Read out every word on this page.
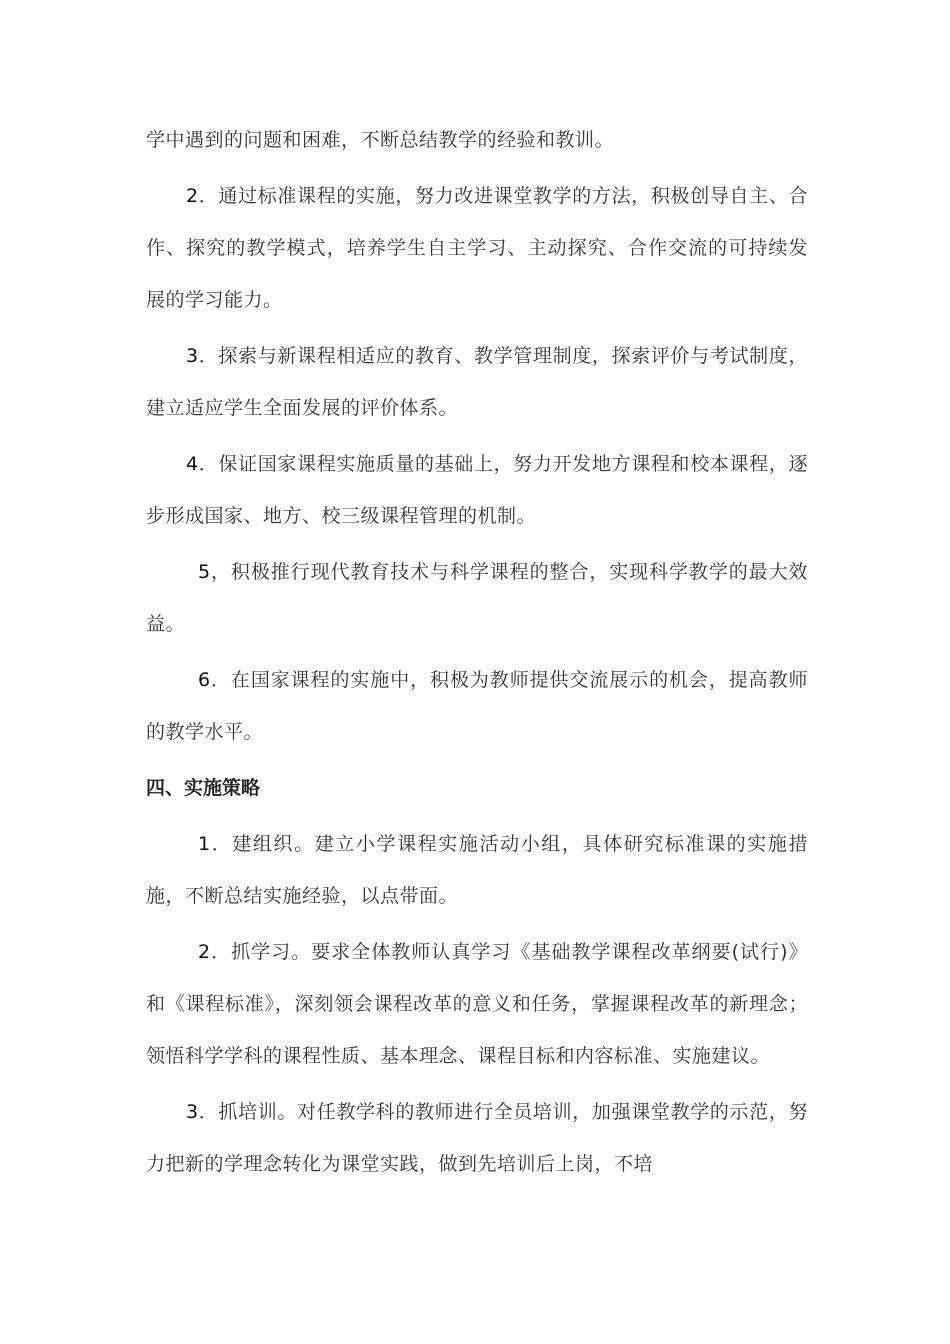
学中遇到的问题和困难，不断总结教学的经验和教训。

2．通过标准课程的实施，努力改进课堂教学的方法，积极创导自主、合作、探究的教学模式，培养学生自主学习、主动探究、合作交流的可持续发展的学习能力。

3．探索与新课程相适应的教育、教学管理制度，探索评价与考试制度，建立适应学生全面发展的评价体系。

4．保证国家课程实施质量的基础上，努力开发地方课程和校本课程，逐步形成国家、地方、校三级课程管理的机制。

5，积极推行现代教育技术与科学课程的整合，实现科学教学的最大效益。

6．在国家课程的实施中，积极为教师提供交流展示的机会，提高教师的教学水平。

四、实施策略

1．建组织。建立小学课程实施活动小组，具体研究标准课的实施措施，不断总结实施经验，以点带面。

2．抓学习。要求全体教师认真学习《基础教学课程改革纲要(试行)》和《课程标准》，深刻领会课程改革的意义和任务，掌握课程改革的新理念；领悟科学学科的课程性质、基本理念、课程目标和内容标准、实施建议。

3．抓培训。对任教学科的教师进行全员培训，加强课堂教学的示范，努力把新的学理念转化为课堂实践，做到先培训后上岗，不培
